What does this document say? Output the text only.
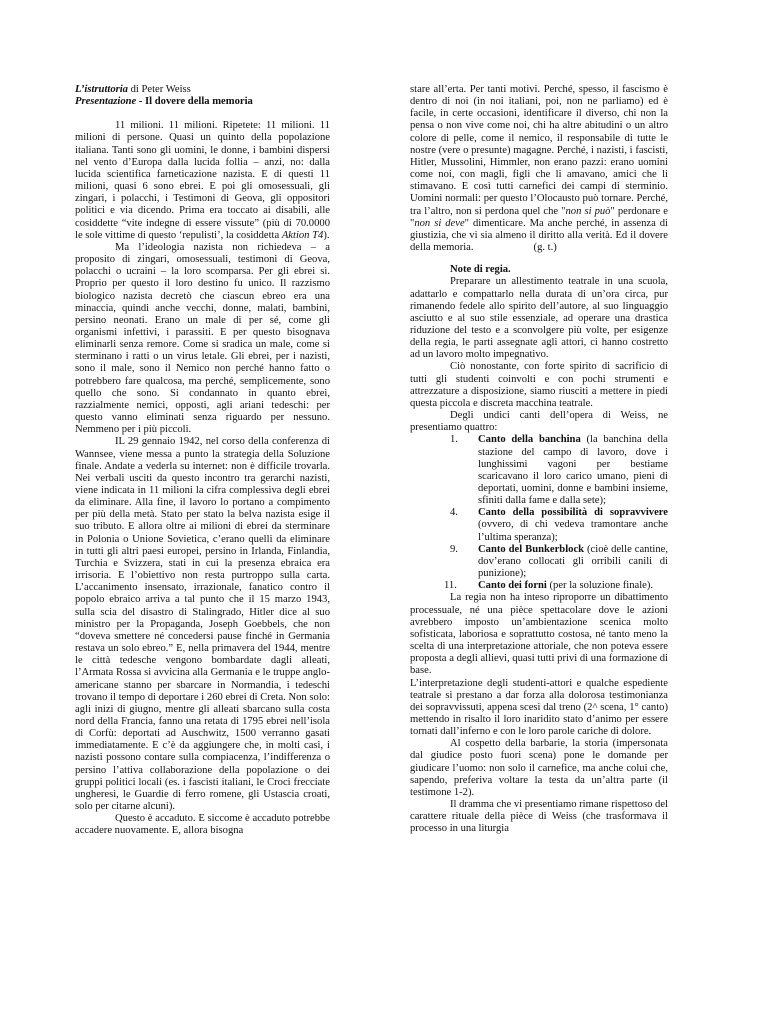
L’istruttoria di Peter Weiss

Presentazione - Il dovere della memoria

11 milioni. 11 milioni. Ripetete: 11 milioni. 11 milioni di persone. Quasi un quinto della popolazione italiana. Tanti sono gli uomini, le donne, i bambini dispersi nel vento d’Europa dalla lucida follia – anzi, no: dalla lucida scientifica farneticazione nazista. E di questi 11 milioni, quasi 6 sono ebrei. E poi gli omosessuali, gli zingari, i polacchi, i Testimoni di Geova, gli oppositori politici e via dicendo. Prima era toccato ai disabili, alle cosiddette “vite indegne di essere vissute” (più di 70.0000 le sole vittime di questo ‘repulisti’, la cosiddetta Aktion T4).

Ma l’ideologia nazista non richiedeva – a proposito di zingari, omosessuali, testimoni di Geova, polacchi o ucraini – la loro scomparsa. Per gli ebrei sì. Proprio per questo il loro destino fu unico. Il razzismo biologico nazista decretò che ciascun ebreo era una minaccia, quindi anche vecchi, donne, malati, bambini, persino neonati. Erano un male di per sé, come gli organismi infettivi, i parassiti. E per questo bisognava eliminarli senza remore. Come si sradica un male, come si sterminano i ratti o un virus letale. Gli ebrei, per i nazisti, sono il male, sono il Nemico non perché hanno fatto o potrebbero fare qualcosa, ma perché, semplicemente, sono quello che sono. Si condannato in quanto ebrei, razzialmente nemici, opposti, agli ariani tedeschi: per questo vanno eliminati senza riguardo per nessuno. Nemmeno per i più piccoli.

IL 29 gennaio 1942, nel corso della conferenza di Wannsee, viene messa a punto la strategia della Soluzione finale. Andate a vederla su internet: non è difficile trovarla. Nei verbali usciti da questo incontro tra gerarchi nazisti, viene indicata in 11 milioni la cifra complessiva degli ebrei da eliminare. Alla fine, il lavoro lo portano a compimento per più della metà. Stato per stato la belva nazista esige il suo tributo. E allora oltre ai milioni di ebrei da sterminare in Polonia o Unione Sovietica, c’erano quelli da eliminare in tutti gli altri paesi europei, persino in Irlanda, Finlandia, Turchia e Svizzera, stati in cui la presenza ebraica era irrisoria. E l’obiettivo non resta purtroppo sulla carta. L’accanimento insensato, irrazionale, fanatico contro il popolo ebraico arriva a tal punto che il 15 marzo 1943, sulla scia del disastro di Stalingrado, Hitler dice al suo ministro per la Propaganda, Joseph Goebbels, che non “doveva smettere né concedersi pause finché in Germania restava un solo ebreo.” E, nella primavera del 1944, mentre le città tedesche vengono bombardate dagli alleati, l’Armata Rossa si avvicina alla Germania e le truppe anglo-americane stanno per sbarcare in Normandia, i tedeschi trovano il tempo di deportare i 260 ebrei di Creta. Non solo: agli inizi di giugno, mentre gli alleati sbarcano sulla costa nord della Francia, fanno una retata di 1795 ebrei nell’isola di Corfù: deportati ad Auschwitz, 1500 verranno gasati immediatamente. E c’è da aggiungere che, in molti casi, i nazisti possono contare sulla compiacenza, l’indifferenza o persino l’attiva collaborazione della popolazione o dei gruppi politici locali (es. i fascisti italiani, le Croci frecciate ungheresi, le Guardie di ferro romene, gli Ustascia croati, solo per citarne alcuni).

Questo è accaduto. E siccome è accaduto potrebbe accadere nuovamente. E, allora bisogna

stare all’erta. Per tanti motivi. Perché, spesso, il fascismo è dentro di noi (in noi italiani, poi, non ne parliamo) ed è facile, in certe occasioni, identificare il diverso, chi non la pensa o non vive come noi, chi ha altre abitudini o un altro colore di pelle, come il nemico, il responsabile di tutte le nostre (vere o presunte) magagne. Perché, i nazisti, i fascisti, Hitler, Mussolini, Himmler, non erano pazzi: erano uomini come noi, con magli, figli che li amavano, amici che li stimavano. E così tutti carnefici dei campi di sterminio. Uomini normali: per questo l’Olocausto può tornare. Perché, tra l’altro, non si perdona quel che "non si può" perdonare e "non si deve" dimenticare. Ma anche perché, in assenza di giustizia, che vi sia almeno il diritto alla verità. Ed il dovere della memoria.	(g. t.)

Note di regia.

Preparare un allestimento teatrale in una scuola, adattarlo e compattarlo nella durata di un’ora circa, pur rimanendo fedele allo spirito dell’autore, al suo linguaggio asciutto e al suo stile essenziale, ad operare una drastica riduzione del testo e a sconvolgere più volte, per esigenze della regia, le parti assegnate agli attori, ci hanno costretto ad un lavoro molto impegnativo.

Ciò nonostante, con forte spirito di sacrificio di tutti gli studenti coinvolti e con pochi strumenti e attrezzature a disposizione, siamo riusciti a mettere in piedi questa piccola e discreta macchina teatrale.

Degli undici canti dell’opera di Weiss, ne presentiamo quattro:

1.	Canto della banchina (la banchina della stazione del campo di lavoro, dove i lunghissimi vagoni per bestiame scaricavano il loro carico umano, pieni di deportati, uomini, donne e bambini insieme, sfiniti dalla fame e dalla sete);
4.	Canto della possibilità di sopravvivere (ovvero, di chi vedeva tramontare anche l’ultima speranza);
9.	Canto del Bunkerblock (cioè delle cantine, dov’erano collocati gli orribili canili di punizione);
11.	Canto dei forni (per la soluzione finale).

La regia non ha inteso riproporre un dibattimento processuale, né una pièce spettacolare dove le azioni avrebbero imposto un’ambientazione scenica molto sofisticata, laboriosa e soprattutto costosa, né tanto meno la scelta di una interpretazione attoriale, che non poteva essere proposta a degli allievi, quasi tutti privi di una formazione di base.

L’interpretazione degli studenti-attori e qualche espediente teatrale si prestano a dar forza alla dolorosa testimonianza dei sopravvissuti, appena scesi dal treno (2^ scena, 1° canto) mettendo in risalto il loro inaridito stato d’animo per essere tornati dall’inferno e con le loro parole cariche di dolore.

Al cospetto della barbarie, la storia (impersonata dal giudice posto fuori scena) pone le domande per giudicare l’uomo: non solo il carnefice, ma anche colui che, sapendo, preferiva voltare la testa da un’altra parte (il testimone 1-2).

Il dramma che vi presentiamo rimane rispettoso del carattere rituale della pièce di Weiss (che trasformava il processo in una liturgia
